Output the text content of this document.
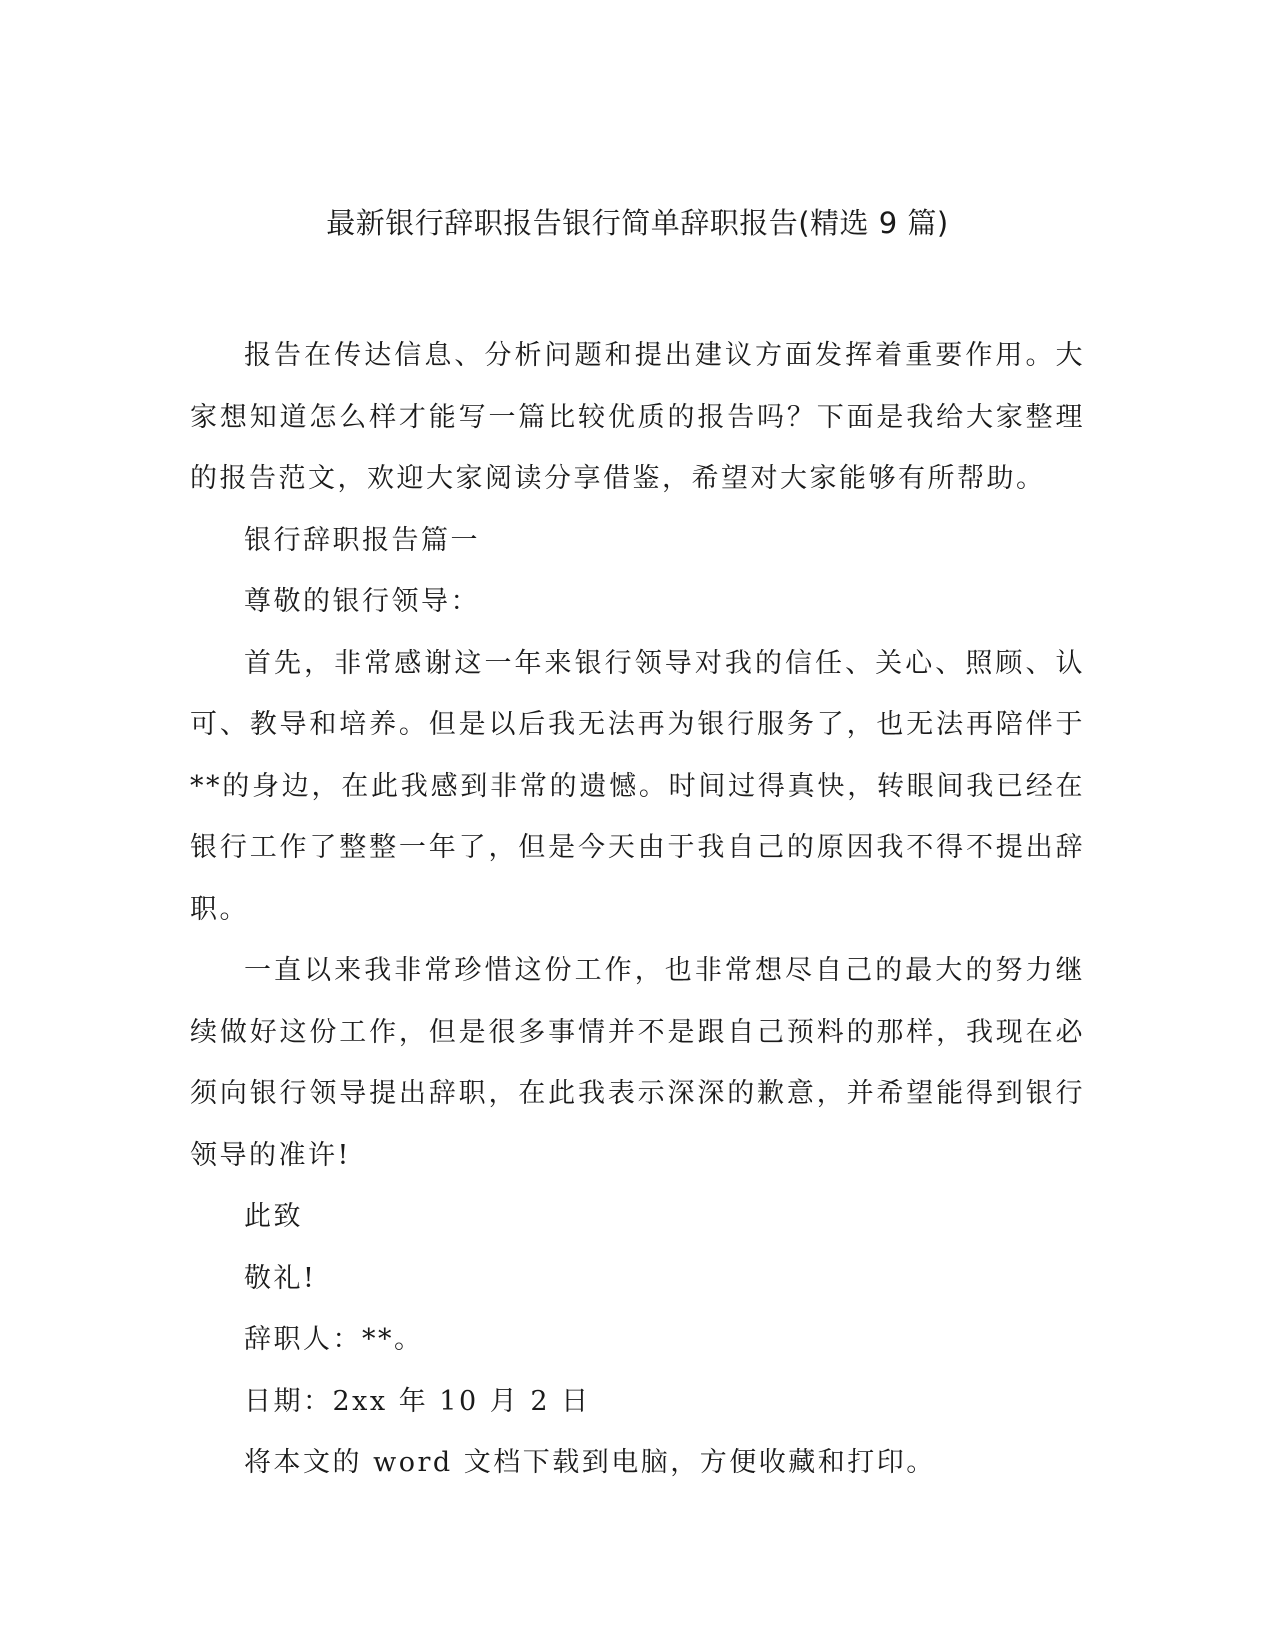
最新银行辞职报告银行简单辞职报告(精选 9 篇)

报告在传达信息、分析问题和提出建议方面发挥着重要作用。大家想知道怎么样才能写一篇比较优质的报告吗？下面是我给大家整理的报告范文，欢迎大家阅读分享借鉴，希望对大家能够有所帮助。

银行辞职报告篇一

尊敬的银行领导：

首先，非常感谢这一年来银行领导对我的信任、关心、照顾、认可、教导和培养。但是以后我无法再为银行服务了，也无法再陪伴于**的身边，在此我感到非常的遗憾。时间过得真快，转眼间我已经在银行工作了整整一年了，但是今天由于我自己的原因我不得不提出辞职。

一直以来我非常珍惜这份工作，也非常想尽自己的最大的努力继续做好这份工作，但是很多事情并不是跟自己预料的那样，我现在必须向银行领导提出辞职，在此我表示深深的歉意，并希望能得到银行领导的准许!

此致

敬礼!

辞职人：**。

日期：2xx 年 10 月 2 日

将本文的 word 文档下载到电脑，方便收藏和打印。
